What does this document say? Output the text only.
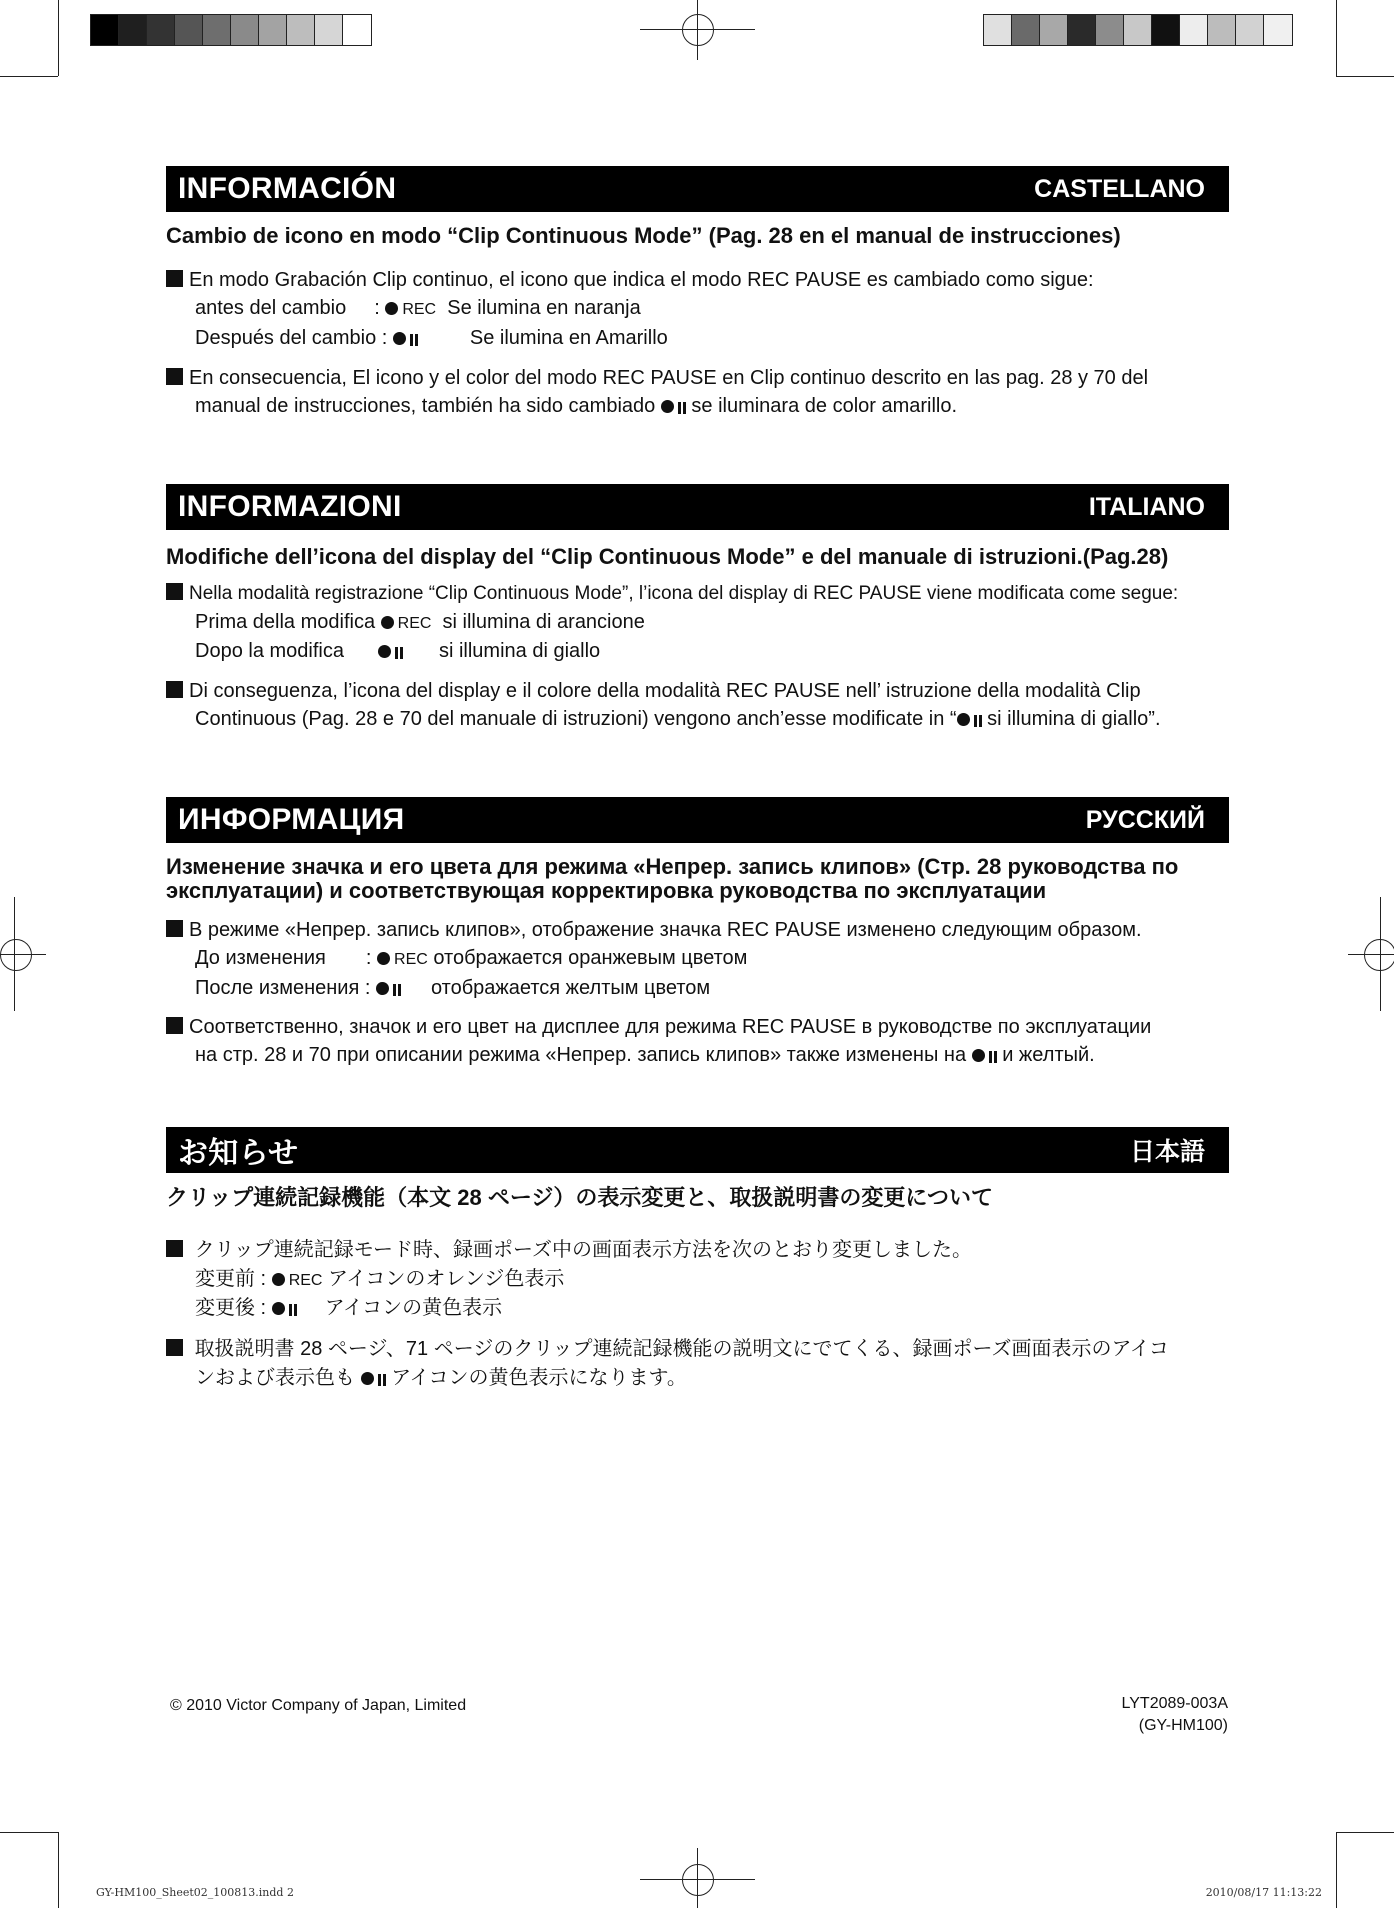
INFORMACIÓN	CASTELLANO
Cambio de icono en modo “Clip Continuous Mode” (Pag. 28 en el manual de instrucciones)
En modo Grabación Clip continuo, el icono que indica el modo REC PAUSE es cambiado como sigue:
antes del cambio : REC Se ilumina en naranja
Después del cambio :	Se ilumina en Amarillo
En consecuencia, El icono y el color del modo REC PAUSE en Clip continuo descrito en las pag. 28 y 70 del
manual de instrucciones, también ha sido cambiado se iluminara de color amarillo.
INFORMAZIONI	ITALIANO
Modifiche dell’icona del display del “Clip Continuous Mode” e del manuale di istruzioni.(Pag.28)
Nella modalità registrazione “Clip Continuous Mode”, l’icona del display di REC PAUSE viene modificata come segue:
Prima della modifica REC si illumina di arancione
Dopo la modifica	si illumina di giallo
Di conseguenza, l’icona del display e il colore della modalità REC PAUSE nell’ istruzione della modalità Clip
Continuous (Pag. 28 e 70 del manuale di istruzioni) vengono anch’esse modificate in “ si illumina di giallo”.
ИНФОРМАЦИЯ	РУССКИЙ
Изменение значка и его цвета для режима «Непрер. запись клипов» (Стр. 28 руководства по эксплуатации) и соответствующая корректировка руководства по эксплуатации
В режиме «Непрер. запись клипов», отображение значка REC PAUSE изменено следующим образом.
До изменения : REC отображается оранжевым цветом
После изменения :	отображается желтым цветом
Соответственно, значок и его цвет на дисплее для режима REC PAUSE в руководстве по эксплуатации
на стр. 28 и 70 при описании режима «Непрер. запись клипов» также изменены на и желтый.
お知らせ	日本語
クリップ連続記録機能（本文 28 ページ）の表示変更と、取扱説明書の変更について
クリップ連続記録モード時、録画ポーズ中の画面表示方法を次のとおり変更しました。
変更前 : REC アイコンのオレンジ色表示
変更後 :	アイコンの黄色表示
取扱説明書 28 ページ、71 ページのクリップ連続記録機能の説明文にでてくる、録画ポーズ画面表示のアイコ
ンおよび表示色も アイコンの黄色表示になります。
© 2010 Victor Company of Japan, Limited	LYT2089-003A
(GY-HM100)
GY-HM100_Sheet02_100813.indd 2	2010/08/17 11:13:22
